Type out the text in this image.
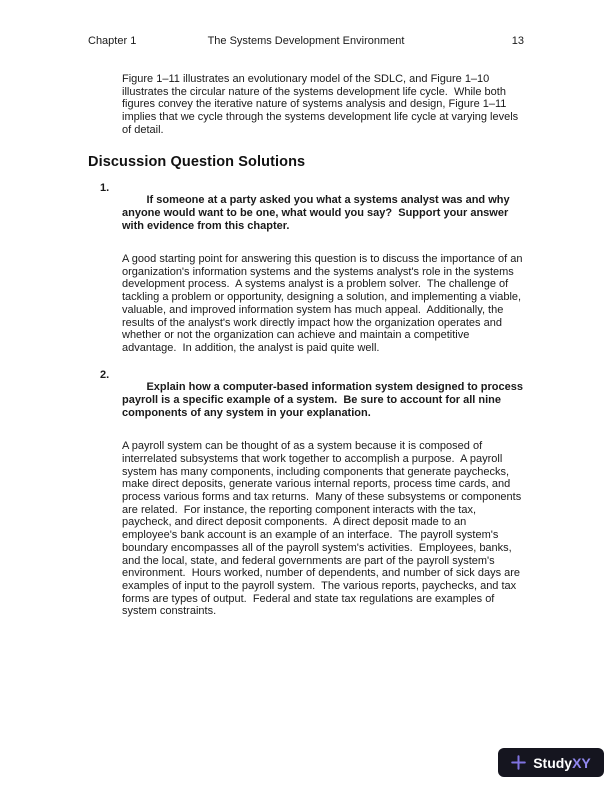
Chapter 1	The Systems Development Environment	13

Figure 1–11 illustrates an evolutionary model of the SDLC, and Figure 1–10 illustrates the circular nature of the systems development life cycle.  While both figures convey the iterative nature of systems analysis and design, Figure 1–11 implies that we cycle through the systems development life cycle at varying levels of detail.

Discussion Question Solutions

1.
If someone at a party asked you what a systems analyst was and why anyone would want to be one, what would you say?  Support your answer with evidence from this chapter.

A good starting point for answering this question is to discuss the importance of an organization's information systems and the systems analyst's role in the systems development process.  A systems analyst is a problem solver.  The challenge of tackling a problem or opportunity, designing a solution, and implementing a viable, valuable, and improved information system has much appeal.  Additionally, the results of the analyst's work directly impact how the organization operates and whether or not the organization can achieve and maintain a competitive advantage.  In addition, the analyst is paid quite well.

2.
Explain how a computer-based information system designed to process payroll is a specific example of a system.  Be sure to account for all nine components of any system in your explanation.

A payroll system can be thought of as a system because it is composed of interrelated subsystems that work together to accomplish a purpose.  A payroll system has many components, including components that generate paychecks, make direct deposits, generate various internal reports, process time cards, and process various forms and tax returns.  Many of these subsystems or components are related.  For instance, the reporting component interacts with the tax, paycheck, and direct deposit components.  A direct deposit made to an employee's bank account is an example of an interface.  The payroll system's boundary encompasses all of the payroll system's activities.  Employees, banks, and the local, state, and federal governments are part of the payroll system's environment.  Hours worked, number of dependents, and number of sick days are examples of input to the payroll system.  The various reports, paychecks, and tax forms are types of output.  Federal and state tax regulations are examples of system constraints.

StudyXY
